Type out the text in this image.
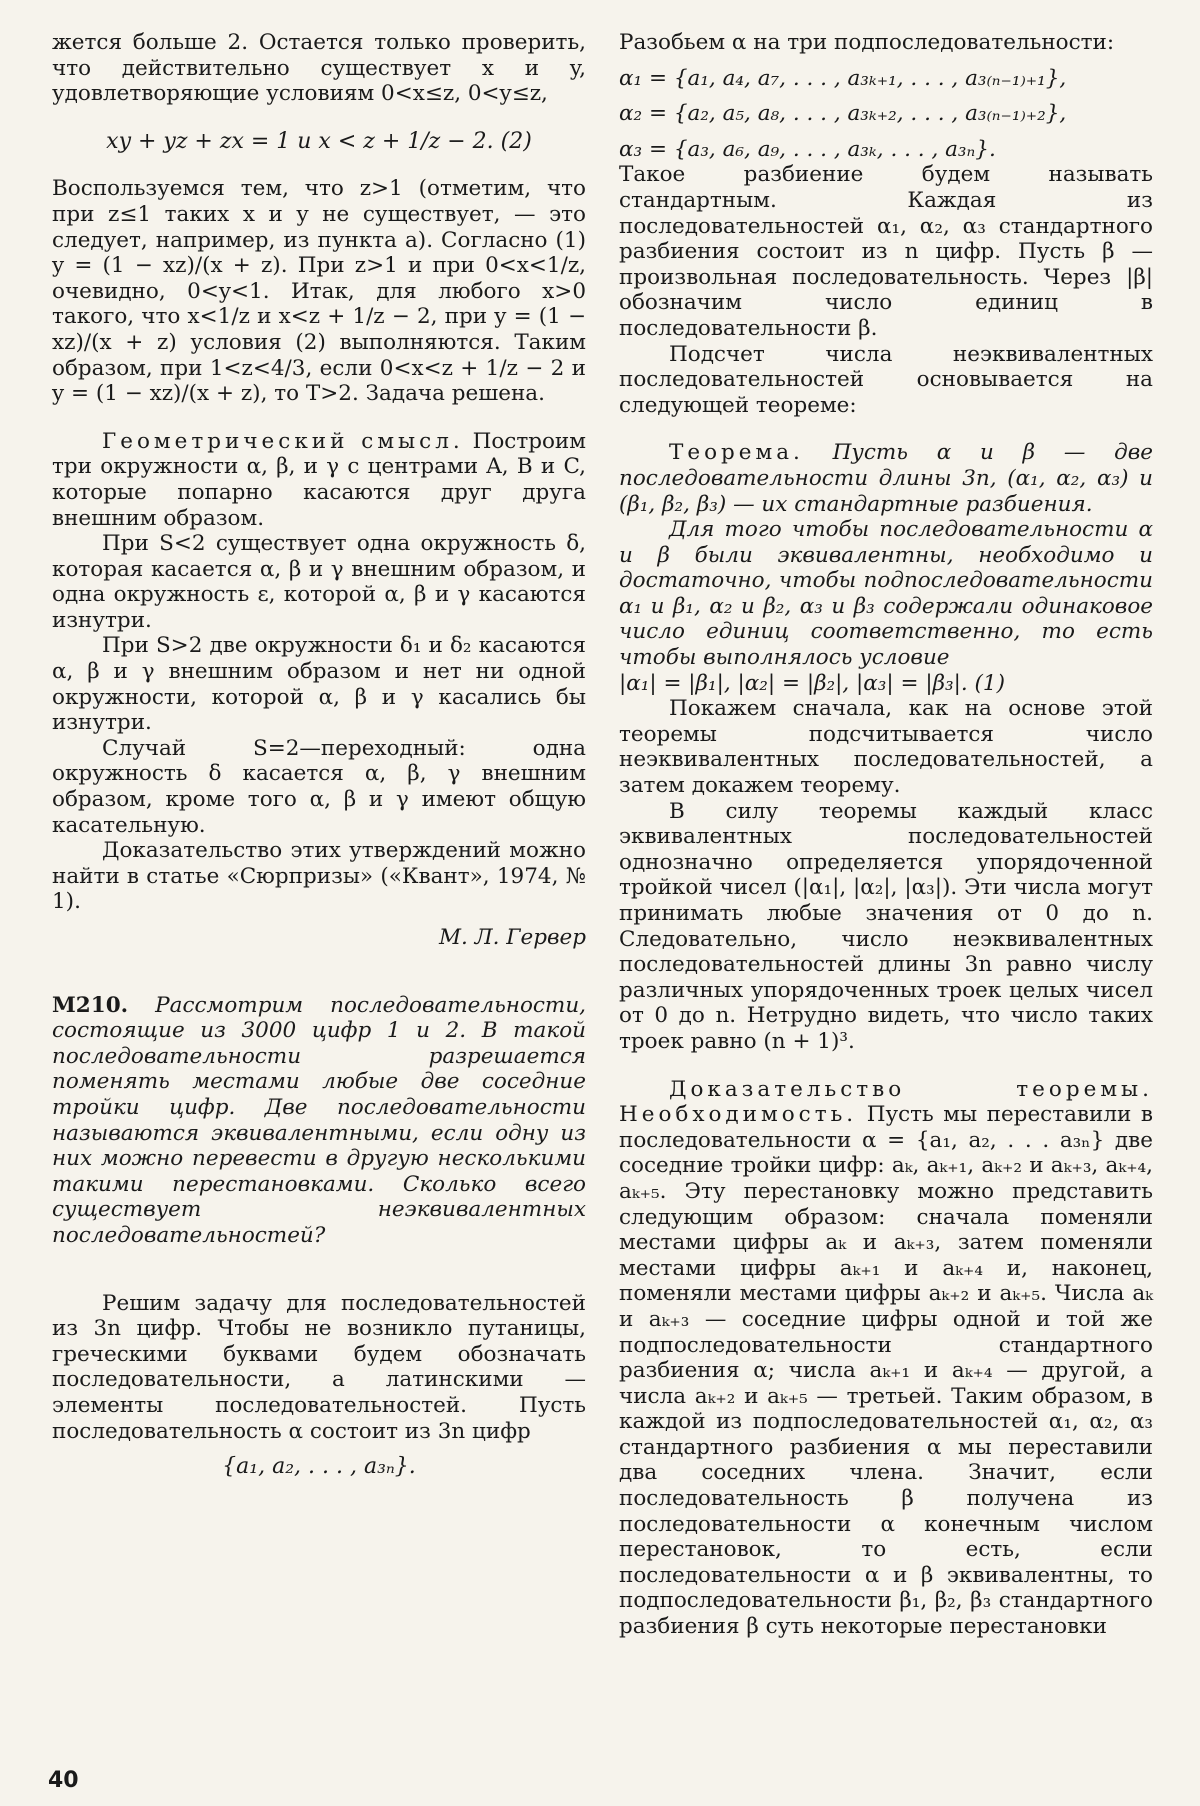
жется больше 2. Остается только проверить, что действительно существует x и y, удовлетворяющие условиям 0<x≤z, 0<y≤z,

xy + yz + zx = 1 и x < z + 1/z − 2. (2)

Воспользуемся тем, что z>1 (отметим, что при z≤1 таких x и y не существует, — это следует, например, из пункта а). Согласно (1) y = (1 − xz)/(x + z). При z>1 и при 0<x<1/z, очевидно, 0<y<1. Итак, для любого x>0 такого, что x<1/z и x<z + 1/z − 2, при y = (1 − xz)/(x + z) условия (2) выполняются. Таким образом, при 1<z<4/3, если 0<x<z + 1/z − 2 и y = (1 − xz)/(x + z), то T>2. Задача решена.

Геометрический смысл. Построим три окружности α, β, и γ с центрами A, B и C, которые попарно касаются друг друга внешним образом.

При S<2 существует одна окружность δ, которая касается α, β и γ внешним образом, и одна окружность ε, которой α, β и γ касаются изнутри.

При S>2 две окружности δ₁ и δ₂ касаются α, β и γ внешним образом и нет ни одной окружности, которой α, β и γ касались бы изнутри.

Случай S=2—переходный: одна окружность δ касается α, β, γ внешним образом, кроме того α, β и γ имеют общую касательную.

Доказательство этих утверждений можно найти в статье «Сюрпризы» («Квант», 1974, № 1).

М. Л. Гервер

M210. Рассмотрим последовательности, состоящие из 3000 цифр 1 и 2. В такой последовательности разрешается поменять местами любые две соседние тройки цифр. Две последовательности называются эквивалентными, если одну из них можно перевести в другую несколькими такими перестановками. Сколько всего существует неэквивалентных последовательностей?

Решим задачу для последовательностей из 3n цифр. Чтобы не возникло путаницы, греческими буквами будем обозначать последовательности, а латинскими — элементы последовательностей. Пусть последовательность α состоит из 3n цифр

{a₁, a₂, . . . , a₃ₙ}.

Разобьем α на три подпоследовательности:

α₁ = {a₁, a₄, a₇, . . . , a₃ₖ₊₁, . . . , a₃₍ₙ₋₁₎₊₁},

α₂ = {a₂, a₅, a₈, . . . , a₃ₖ₊₂, . . . , a₃₍ₙ₋₁₎₊₂},

α₃ = {a₃, a₆, a₉, . . . , a₃ₖ, . . . , a₃ₙ}.

Такое разбиение будем называть стандартным. Каждая из последовательностей α₁, α₂, α₃ стандартного разбиения состоит из n цифр. Пусть β — произвольная последовательность. Через |β| обозначим число единиц в последовательности β.

Подсчет числа неэквивалентных последовательностей основывается на следующей теореме:

Теорема. Пусть α и β — две последовательности длины 3n, (α₁, α₂, α₃) и (β₁, β₂, β₃) — их стандартные разбиения.

Для того чтобы последовательности α и β были эквивалентны, необходимо и достаточно, чтобы подпоследовательности α₁ и β₁, α₂ и β₂, α₃ и β₃ содержали одинаковое число единиц соответственно, то есть чтобы выполнялось условие

|α₁| = |β₁|, |α₂| = |β₂|, |α₃| = |β₃|. (1)

Покажем сначала, как на основе этой теоремы подсчитывается число неэквивалентных последовательностей, а затем докажем теорему.

В силу теоремы каждый класс эквивалентных последовательностей однозначно определяется упорядоченной тройкой чисел (|α₁|, |α₂|, |α₃|). Эти числа могут принимать любые значения от 0 до n. Следовательно, число неэквивалентных последовательностей длины 3n равно числу различных упорядоченных троек целых чисел от 0 до n. Нетрудно видеть, что число таких троек равно (n + 1)³.

Доказательство теоремы. Необходимость. Пусть мы переставили в последовательности α = {a₁, a₂, . . . a₃ₙ} две соседние тройки цифр: aₖ, aₖ₊₁, aₖ₊₂ и aₖ₊₃, aₖ₊₄, aₖ₊₅. Эту перестановку можно представить следующим образом: сначала поменяли местами цифры aₖ и aₖ₊₃, затем поменяли местами цифры aₖ₊₁ и aₖ₊₄ и, наконец, поменяли местами цифры aₖ₊₂ и aₖ₊₅. Числа aₖ и aₖ₊₃ — соседние цифры одной и той же подпоследовательности стандартного разбиения α; числа aₖ₊₁ и aₖ₊₄ — другой, а числа aₖ₊₂ и aₖ₊₅ — третьей. Таким образом, в каждой из подпоследовательностей α₁, α₂, α₃ стандартного разбиения α мы переставили два соседних члена. Значит, если последовательность β получена из последовательности α конечным числом перестановок, то есть, если последовательности α и β эквивалентны, то подпоследовательности β₁, β₂, β₃ стандартного разбиения β суть некоторые перестановки

40
